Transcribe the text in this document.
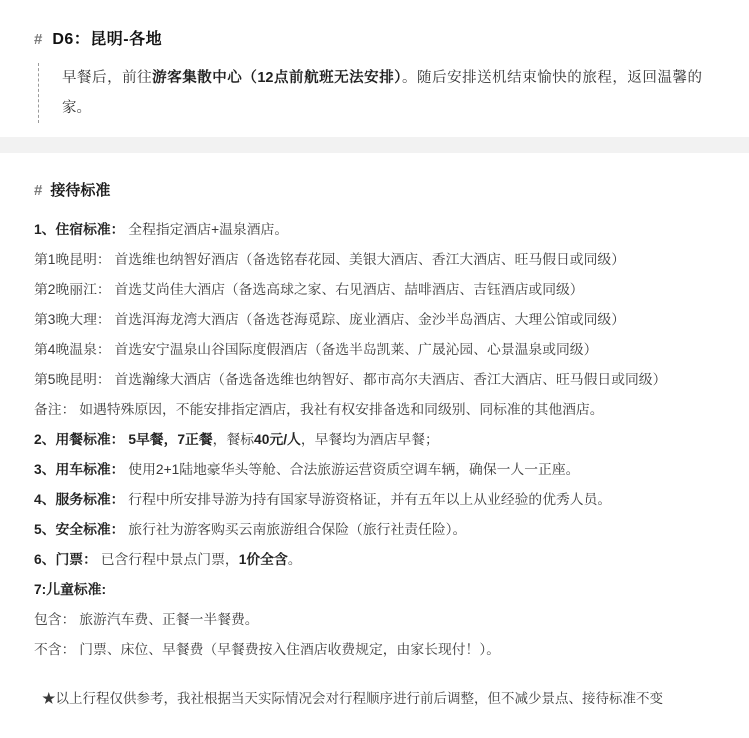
# D6：昆明-各地
早餐后，前往游客集散中心（12点前航班无法安排）。随后安排送机结束愉快的旅程，返回温馨的家。
# 接待标准
1、住宿标准： 全程指定酒店+温泉酒店。
第1晚昆明： 首选维也纳智好酒店（备选铭春花园、美银大酒店、香江大酒店、旺马假日或同级）
第2晚丽江： 首选艾尚佳大酒店（备选高球之家、右见酒店、喆啡酒店、吉钰酒店或同级）
第3晚大理： 首选洱海龙湾大酒店（备选苍海觅踪、庞业酒店、金沙半岛酒店、大理公馆或同级）
第4晚温泉： 首选安宁温泉山谷国际度假酒店（备选半岛凯莱、广晟沁园、心景温泉或同级）
第5晚昆明： 首选瀚缘大酒店（备选备选维也纳智好、都市高尔夫酒店、香江大酒店、旺马假日或同级）
备注： 如遇特殊原因，不能安排指定酒店，我社有权安排备选和同级别、同标准的其他酒店。
2、用餐标准： 5早餐，7正餐，餐标40元/人，早餐均为酒店早餐；
3、用车标准： 使用2+1陆地豪华头等舱、合法旅游运营资质空调车辆，确保一人一正座。
4、服务标准： 行程中所安排导游为持有国家导游资格证，并有五年以上从业经验的优秀人员。
5、安全标准： 旅行社为游客购买云南旅游组合保险（旅行社责任险）。
6、门票： 已含行程中景点门票，1价全含。
7:儿童标准:
包含： 旅游汽车费、正餐一半餐费。
不含： 门票、床位、早餐费（早餐费按入住酒店收费规定，由家长现付！）。
★以上行程仅供参考，我社根据当天实际情况会对行程顺序进行前后调整，但不减少景点、接待标准不变
